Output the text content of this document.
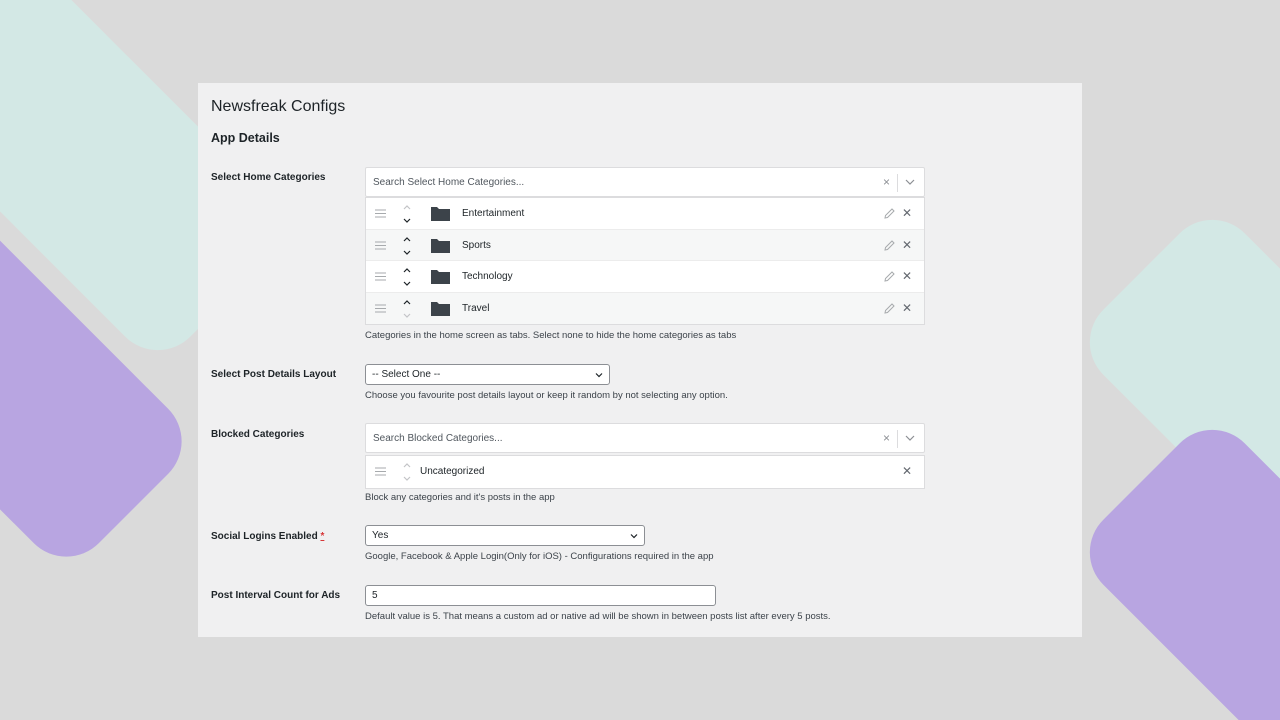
Newsfreak Configs
App Details
Select Home Categories	Search Select Home Categories...	×
Entertainment	✕
Sports	✕
Technology	✕
Travel	✕
Categories in the home screen as tabs. Select none to hide the home categories as tabs
Select Post Details Layout	-- Select One --
Choose you favourite post details layout or keep it random by not selecting any option.
Blocked Categories	Search Blocked Categories...	×
Uncategorized	✕
Block any categories and it's posts in the app
Social Logins Enabled *	Yes
Google, Facebook & Apple Login(Only for iOS) - Configurations required in the app
Post Interval Count for Ads	5
Default value is 5. That means a custom ad or native ad will be shown in between posts list after every 5 posts.
